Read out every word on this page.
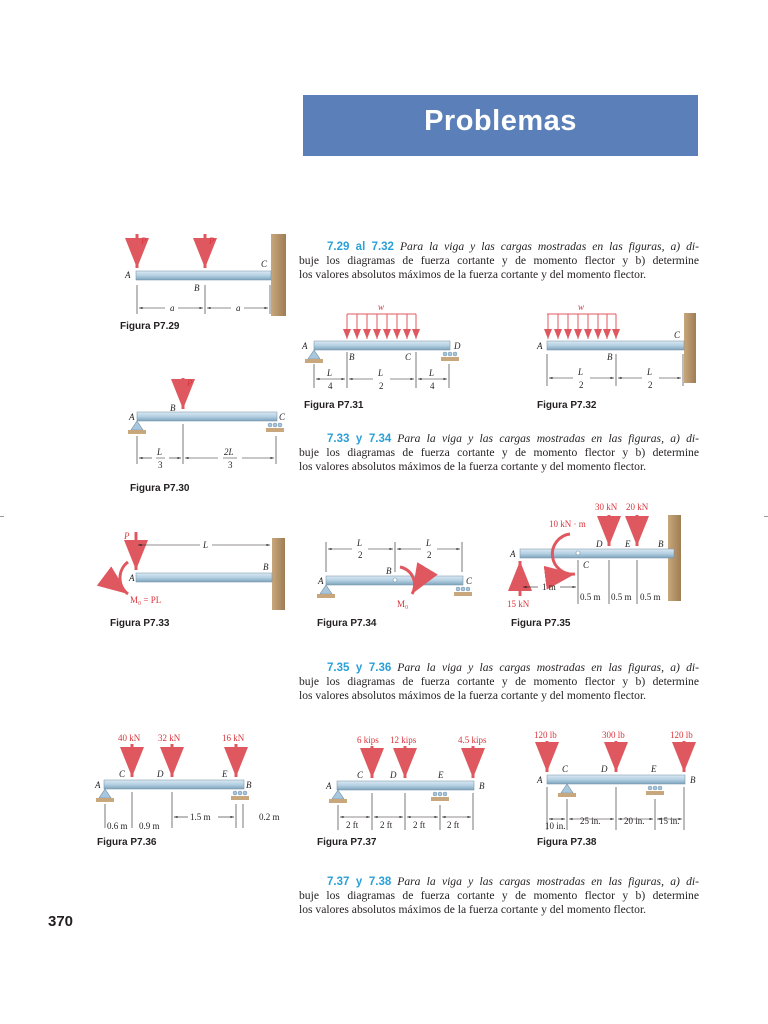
Problemas
7.29 al 7.32 Para la viga y las cargas mostradas en las figuras, a) di-
buje los diagramas de fuerza cortante y de momento flector y b) determine
los valores absolutos máximos de la fuerza cortante y del momento flector.
7.33 y 7.34 Para la viga y las cargas mostradas en las figuras, a) di-
buje los diagramas de fuerza cortante y de momento flector y b) determine
los valores absolutos máximos de la fuerza cortante y del momento flector.
7.35 y 7.36 Para la viga y las cargas mostradas en las figuras, a) di-
buje los diagramas de fuerza cortante y de momento flector y b) determine
los valores absolutos máximos de la fuerza cortante y del momento flector.
7.37 y 7.38 Para la viga y las cargas mostradas en las figuras, a) di-
buje los diagramas de fuerza cortante y de momento flector y b) determine
los valores absolutos máximos de la fuerza cortante y del momento flector.
Figura P7.29
Figura P7.30
Figura P7.31	Figura P7.32
Figura P7.33	Figura P7.34	Figura P7.35
Figura P7.36	Figura P7.37	Figura P7.38
370
P	P
A
B
C
a	a
P
A
B
C
L
3
2L
3
w
A
B	C
D
L
4
L
2
L
4
w
A
B
C
L
2
L
2
P
M₀ = PL
A
B
L
M₀
A
B
C
L
2
L
2
15 kN
30 kN 20 kN
10 kN · m
A
B
C
D	E
1 m
0.5 m 0.5 m 0.5 m
40 kN 32 kN	16 kN
A	B
C	D	E
1.5 m
0.6 m 0.9 m
0.2 m
6 kips 12 kips	4.5 kips
A	B
C	D	E
2 ft 2 ft 2 ft 2 ft
120 lb	300 lb	120 lb
A	B
C	D	E
10 in. 25 in.	20 in. 15 in.
